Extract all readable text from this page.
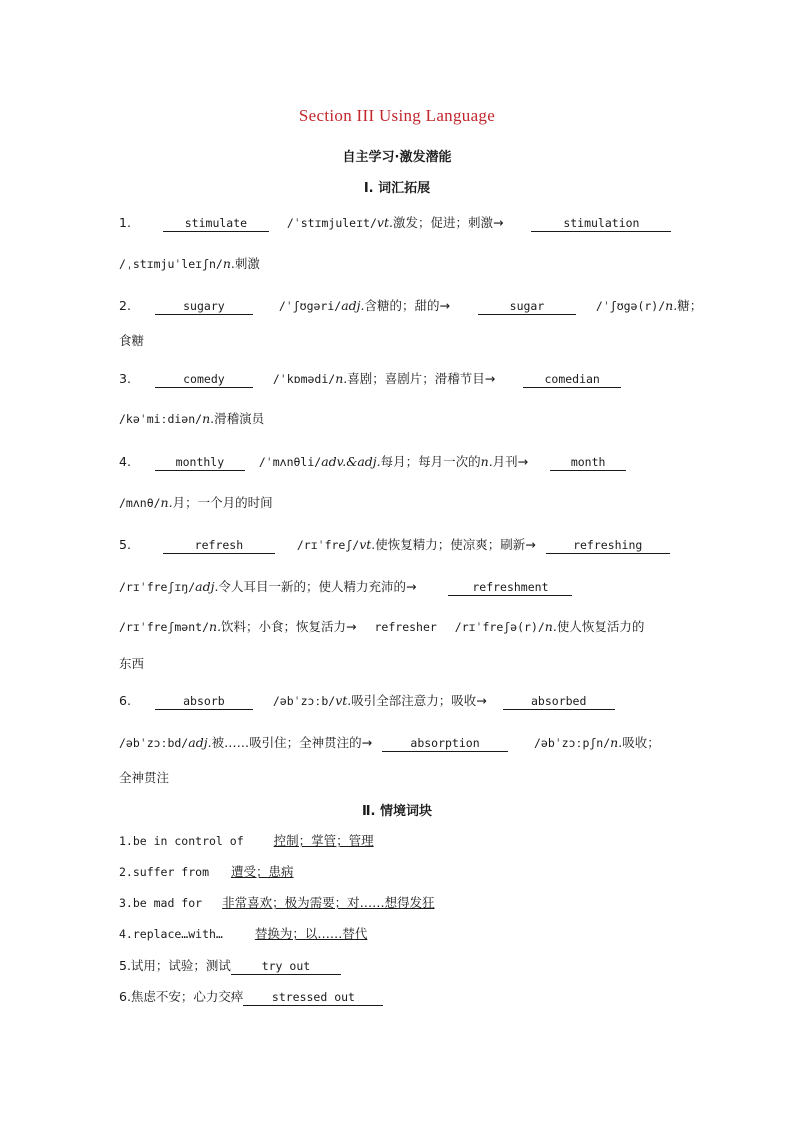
Section III Using Language
自主学习·激发潜能
Ⅰ. 词汇拓展
1.	stimulate	/ˈstɪmjuleɪt/vt.激发；促进；刺激→	stimulation
/ˌstɪmjuˈleɪʃn/n.刺激
2.	sugary	/ˈʃʊgəri/adj.含糖的；甜的→	sugar	/ˈʃʊgə(r)/n.糖；
食糖
3.	comedy	/ˈkɒmədi/n.喜剧；喜剧片；滑稽节目→	comedian
/kəˈmiːdiən/n.滑稽演员
4.	monthly	/ˈmʌnθli/adv.&adj.每月；每月一次的n.月刊→	month
/mʌnθ/n.月；一个月的时间
5.	refresh	/rɪˈfreʃ/vt.使恢复精力；使凉爽；刷新→	refreshing
/rɪˈfreʃɪŋ/adj.令人耳目一新的；使人精力充沛的→	refreshment
/rɪˈfreʃmənt/n.饮料；小食；恢复活力→ refresher /rɪˈfreʃə(r)/n.使人恢复活力的
东西
6.	absorb	/əbˈzɔːb/vt.吸引全部注意力；吸收→	absorbed
/əbˈzɔːbd/adj.被……吸引住；全神贯注的→	absorption	/əbˈzɔːpʃn/n.吸收；
全神贯注
Ⅱ. 情境词块
1.be in control of 控制；掌管；管理
2.suffer from 遭受；患病
3.be mad for 非常喜欢；极为需要；对……想得发狂
4.replace…with…	替换为；以……替代
5.试用；试验；测试	try out
6.焦虑不安；心力交瘁 stressed out
